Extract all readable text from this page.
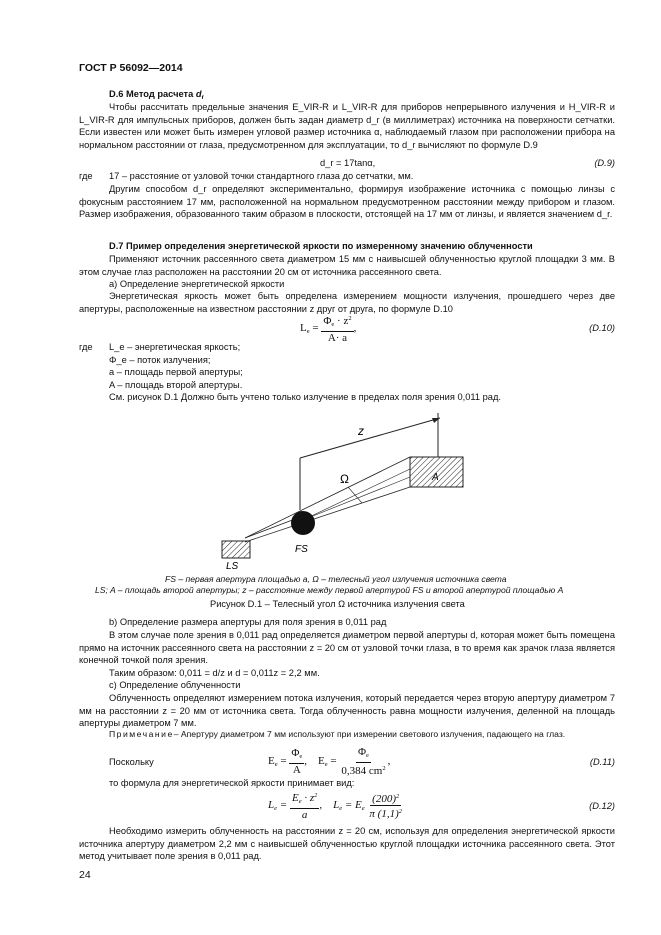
ГОСТ Р 56092—2014
D.6 Метод расчета $d_r$
Чтобы рассчитать предельные значения E_VIR-R и L_VIR-R для приборов непрерывного излучения и H_VIR-R и L_VIR-R для импульсных приборов, должен быть задан диаметр d_r (в миллиметрах) источника на поверхности сетчатки. Если известен или может быть измерен угловой размер источника α, наблюдаемый глазом при расположении прибора на нормальном расстоянии от глаза, предусмотренном для эксплуатации, то d_r вычисляют по формуле D.9
d_r = 17tanα,	(D.9)
где 17 – расстояние от узловой точки стандартного глаза до сетчатки, мм.
Другим способом d_r определяют экспериментально, формируя изображение источника с помощью линзы с фокусным расстоянием 17 мм, расположенной на нормальном предусмотренном расстоянии между прибором и глазом. Размер изображения, образованного таким образом в плоскости, отстоящей на 17 мм от линзы, и является значением d_r.
D.7 Пример определения энергетической яркости по измеренному значению облученности
Применяют источник рассеянного света диаметром 15 мм с наивысшей облученностью круглой площадки 3 мм. В этом случае глаз расположен на расстоянии 20 см от источника рассеянного света.
а) Определение энергетической яркости
Энергетическая яркость может быть определена измерением мощности излучения, прошедшего через две апертуры, расположенные на известном расстоянии z друг от друга, по формуле D.10
$L_e = \frac{\Phi_e \cdot z^2}{A\cdot a}$ ,	(D.10)
где L_e – энергетическая яркость;
Φ_e – поток излучения;
a – площадь первой апертуры;
A – площадь второй апертуры.
См. рисунок D.1 Должно быть учтено только излучение в пределах поля зрения 0,011 рад.
z
A
Ω
FS
LS
FS – первая апертура площадью a, Ω – телесный угол излучения источника света
LS; A – площадь второй апертуры; z – расстояние между первой апертурой FS и второй апертурой площадью A
Рисунок D.1 – Телесный угол Ω источника излучения света
b) Определение размера апертуры для поля зрения в 0,011 рад
В этом случае поле зрения в 0,011 рад определяется диаметром первой апертуры d, которая может быть помещена прямо на источник рассеянного света на расстоянии z = 20 см от узловой точки глаза, в то время как зрачок глаза является конечной точкой поля зрения.
Таким образом: 0,011 = d/z и d = 0,011z = 2,2 мм.
с) Определение облученности
Облученность определяют измерением потока излучения, который передается через вторую апертуру диаметром 7 мм на расстоянии z = 20 мм от источника света. Тогда облученность равна мощности излучения, деленной на площадь апертуры диаметром 7 мм.
Примечание– Апертуру диаметром 7 мм используют при измерении светового излучения, падающего на глаз.
Поскольку	$E_e = \frac{\Phi_e}{A}$ ,    $E_e = \frac{\Phi_e}{0,384 cm^2}$ ,	(D.11)
то формула для энергетической яркости принимает вид:
$L_e = \frac{E_e \cdot z^2}{a}$ ,    $L_e = E_e \frac{(200)^2}{\pi (1,1)^2}$	(D.12)
Необходимо измерить облученность на расстоянии z = 20 см, используя для определения энергетической яркости источника апертуру диаметром 2,2 мм с наивысшей облученностью круглой площадки источника рассеянного света. Этот метод учитывает поле зрения в 0,011 рад.
24
